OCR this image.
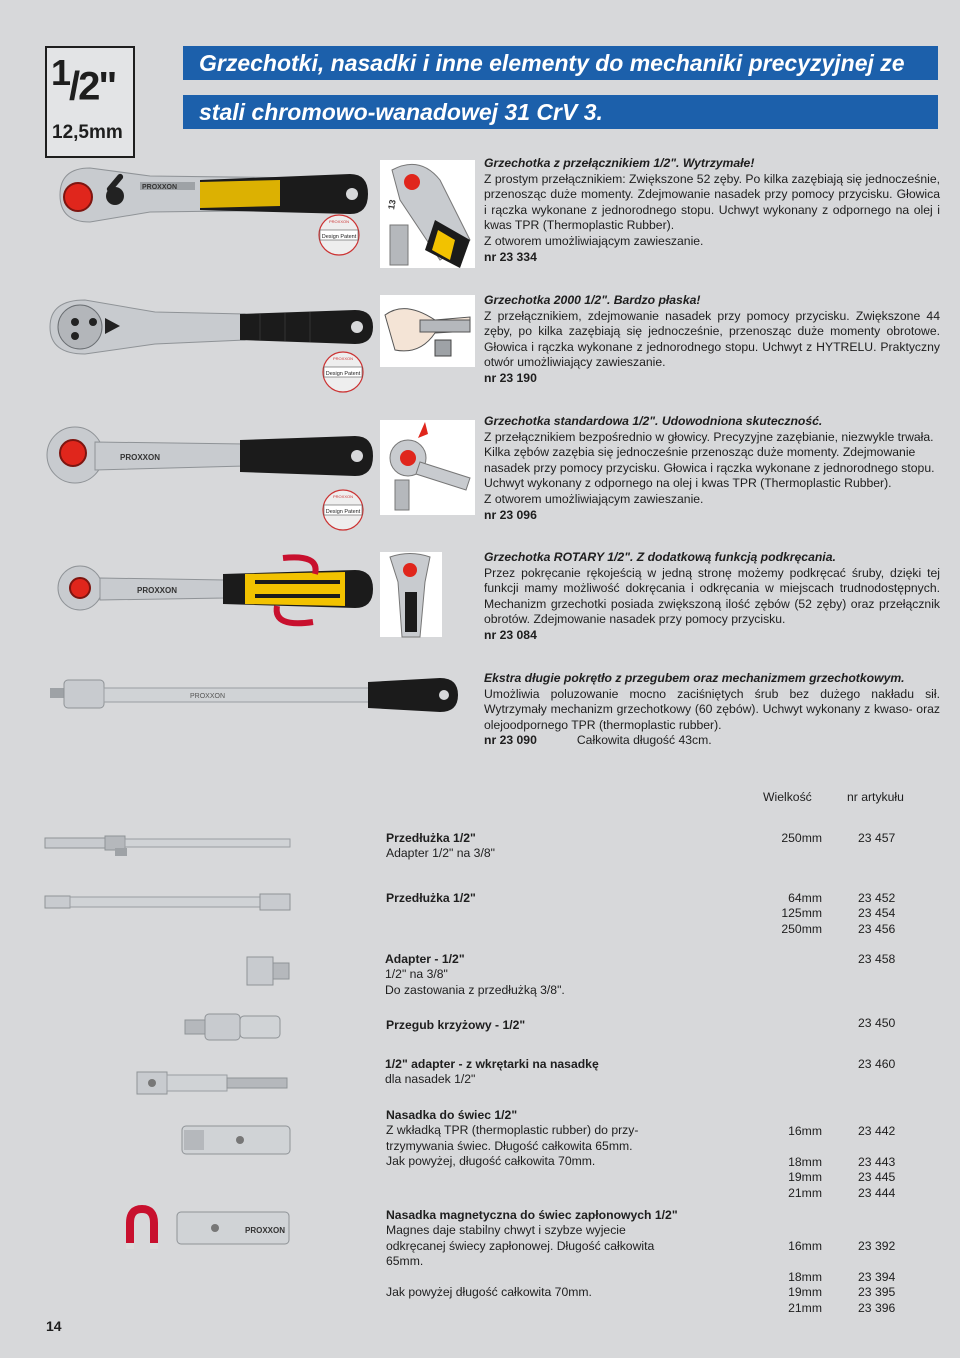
$^1$/2"
12,5mm
Grzechotki, nasadki i inne elementy do mechaniki precyzyjnej ze
stali chromowo-wanadowej 31 CrV 3.
PROXXON
Design Patent
PROXXON
13
Grzechotka z przełącznikiem 1/2". Wytrzymałe!
Z prostym przełącznikiem: Zwiększone 52 zęby. Po kilka zazębiają się jednocześnie, przenosząc duże momenty. Zdejmowanie nasadek przy pomocy przycisku. Głowica i rączka wykonane z jednorodnego stopu. Uchwyt wykonany z odpornego na olej i kwas TPR (Thermoplastic Rubber).
Z otworem umożliwiającym zawieszanie.
nr 23 334
Design Patent
PROXXON
Grzechotka 2000 1/2". Bardzo płaska!
Z przełącznikiem, zdejmowanie nasadek przy pomocy przycisku. Zwiększone 44 zęby, po kilka zazębiają się jednocześnie, przenosząc duże momenty obrotowe. Głowica i rączka wykonane z jednorodnego stopu. Uchwyt z HYTRELU. Praktyczny otwór umożliwiający zawieszanie.
nr 23 190
PROXXON
Design Patent
PROXXON
Grzechotka standardowa 1/2". Udowodniona skuteczność.
Z przełącznikiem bezpośrednio w głowicy. Precyzyjne zazębianie, niezwykle trwała. Kilka zębów zazębia się jednocześnie przenosząc duże momenty. Zdejmowanie nasadek przy pomocy przycisku. Głowica i rączka wykonane z jednorodnego stopu. Uchwyt wykonany z odpornego na olej i kwas TPR (Thermoplastic Rubber).
Z otworem umożliwiającym zawieszanie.
nr 23 096
PROXXON
Grzechotka ROTARY 1/2". Z dodatkową funkcją podkręcania.
Przez pokręcanie rękojeścią w jedną stronę możemy podkręcać śruby, dzięki tej funkcji mamy możliwość dokręcania i odkręcania w miejscach trudnodostępnych. Mechanizm grzechotki posiada zwiększoną ilość zębów (52 zęby) oraz przełącznik obrotów. Zdejmowanie nasadek przy pomocy przycisku.
nr 23 084
PROXXON
Ekstra długie pokrętło z przegubem oraz mechanizmem grzechotkowym.
Umożliwia poluzowanie mocno zaciśniętych śrub bez dużego nakładu sił. Wytrzymały mechanizm grzechotkowy (60 zębów). Uchwyt wykonany z kwaso- oraz olejoodpornego TPR (thermoplastic rubber).
nr 23 090	Całkowita długość 43cm.
Wielkość	nr artykułu
Przedłużka 1/2"
Adapter 1/2" na 3/8"
250mm	23 457
Przedłużka 1/2"	64mm	23 452
125mm	23 454
250mm	23 456
Adapter - 1/2"
1/2" na 3/8"
Do zastowania z przedłużką 3/8".
23 458
Przegub krzyżowy - 1/2"	23 450
1/2" adapter - z wkrętarki na nasadkę
dla nasadek 1/2"
23 460
Nasadka do świec 1/2"
Z wkładką TPR (thermoplastic rubber) do przy-
trzymywania świec. Długość całkowita 65mm.
Jak powyżej, długość całkowita 70mm.
16mm	23 442
18mm	23 443
19mm	23 445
21mm	23 444
PROXXON
Nasadka magnetyczna do świec zapłonowych 1/2"
Magnes daje stabilny chwyt i szybze wyjecie
odkręcanej świecy zapłonowej. Długość całkowita
65mm.
Jak powyżej długość całkowita 70mm.
16mm	23 392
18mm	23 394
19mm	23 395
21mm	23 396
14
